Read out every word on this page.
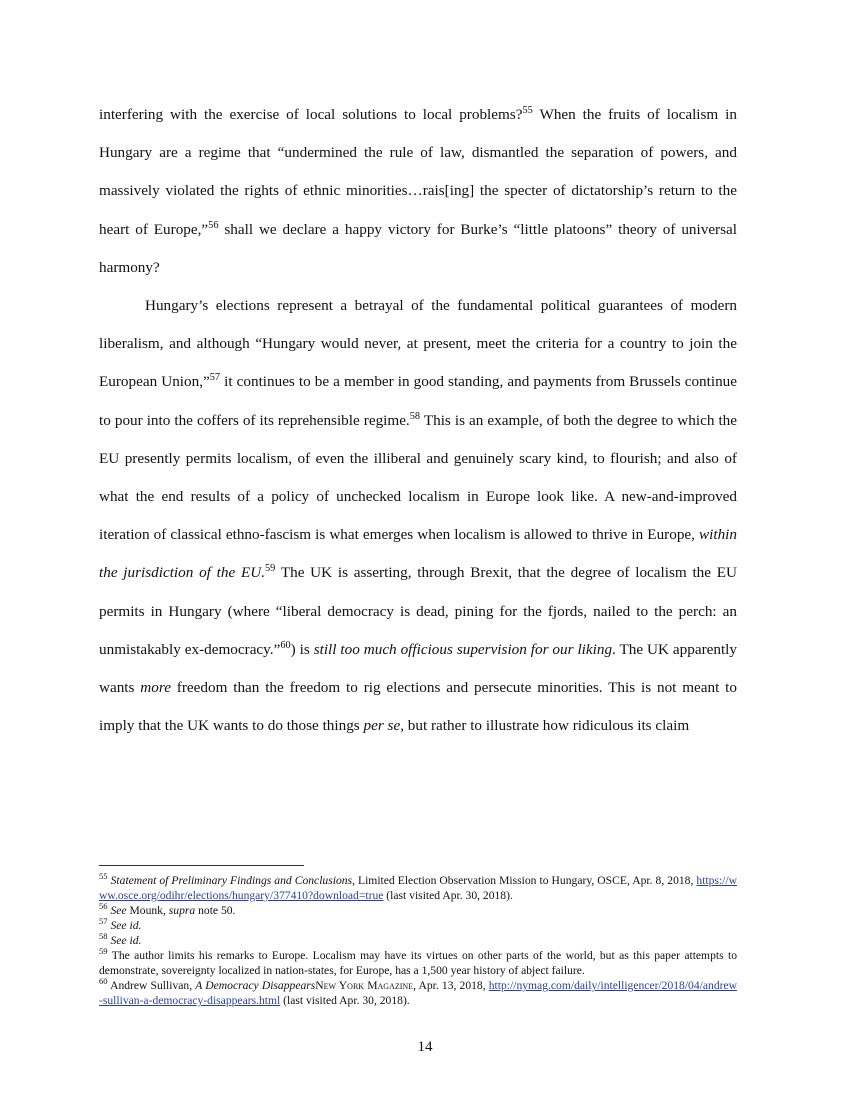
interfering with the exercise of local solutions to local problems?$^{55}$ When the fruits of localism in Hungary are a regime that “undermined the rule of law, dismantled the separation of powers, and massively violated the rights of ethnic minorities…rais[ing] the specter of dictatorship’s return to the heart of Europe,”$^{56}$ shall we declare a happy victory for Burke’s “little platoons” theory of universal harmony?

Hungary’s elections represent a betrayal of the fundamental political guarantees of modern liberalism, and although “Hungary would never, at present, meet the criteria for a country to join the European Union,”$^{57}$ it continues to be a member in good standing, and payments from Brussels continue to pour into the coffers of its reprehensible regime.$^{58}$ This is an example, of both the degree to which the EU presently permits localism, of even the illiberal and genuinely scary kind, to flourish; and also of what the end results of a policy of unchecked localism in Europe look like. A new-and-improved iteration of classical ethno-fascism is what emerges when localism is allowed to thrive in Europe, within the jurisdiction of the EU.$^{59}$ The UK is asserting, through Brexit, that the degree of localism the EU permits in Hungary (where “liberal democracy is dead, pining for the fjords, nailed to the perch: an unmistakably ex-democracy.”$^{60}$) is still too much officious supervision for our liking. The UK apparently wants more freedom than the freedom to rig elections and persecute minorities. This is not meant to imply that the UK wants to do those things per se, but rather to illustrate how ridiculous its claim

$^{55}$ Statement of Preliminary Findings and Conclusions, Limited Election Observation Mission to Hungary, OSCE, Apr. 8, 2018, https://www.osce.org/odihr/elections/hungary/377410?download=true (last visited Apr. 30, 2018).

$^{56}$ See Mounk, supra note 50.

$^{57}$ See id.

$^{58}$ See id.

$^{59}$ The author limits his remarks to Europe. Localism may have its virtues on other parts of the world, but as this paper attempts to demonstrate, sovereignty localized in nation-states, for Europe, has a 1,500 year history of abject failure.

$^{60}$ Andrew Sullivan, A Democracy DisappearsNew York Magazine, Apr. 13, 2018, http://nymag.com/daily/intelligencer/2018/04/andrew-sullivan-a-democracy-disappears.html (last visited Apr. 30, 2018).

14
